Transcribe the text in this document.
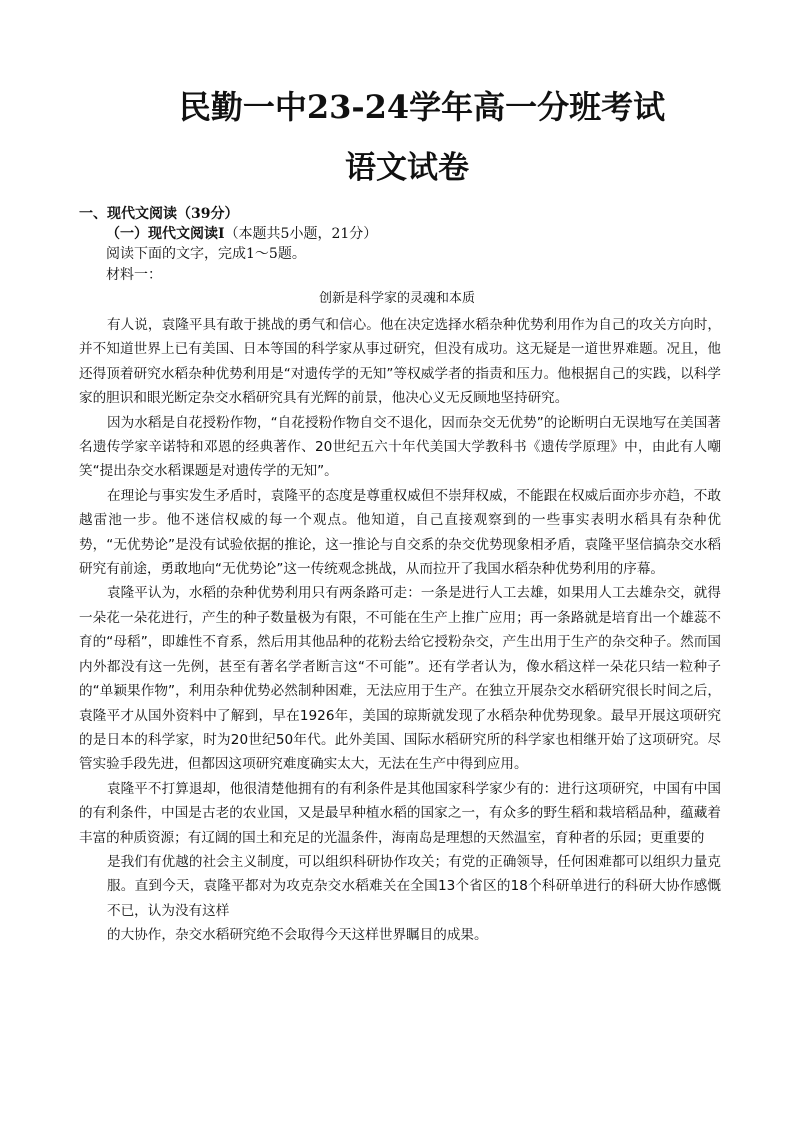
民勤一中23-24学年高一分班考试
语文试卷
一、现代文阅读（39分）
（一）现代文阅读Ⅰ（本题共5小题，21分）
阅读下面的文字，完成1～5题。
材料一：
创新是科学家的灵魂和本质

有人说，袁隆平具有敢于挑战的勇气和信心。他在决定选择水稻杂种优势利用作为自己的攻关方向时，并不知道世界上已有美国、日本等国的科学家从事过研究，但没有成功。这无疑是一道世界难题。况且，他还得顶着研究水稻杂种优势利用是“对遗传学的无知”等权威学者的指责和压力。他根据自己的实践，以科学家的胆识和眼光断定杂交水稻研究具有光辉的前景，他决心义无反顾地坚持研究。

因为水稻是自花授粉作物，“自花授粉作物自交不退化，因而杂交无优势”的论断明白无误地写在美国著名遗传学家辛诺特和邓恩的经典著作、20世纪五六十年代美国大学教科书《遗传学原理》中，由此有人嘲笑“提出杂交水稻课题是对遗传学的无知”。

在理论与事实发生矛盾时，袁隆平的态度是尊重权威但不崇拜权威，不能跟在权威后面亦步亦趋，不敢越雷池一步。他不迷信权威的每一个观点。他知道，自己直接观察到的一些事实表明水稻具有杂种优势，“无优势论”是没有试验依据的推论，这一推论与自交系的杂交优势现象相矛盾，袁隆平坚信搞杂交水稻研究有前途，勇敢地向“无优势论”这一传统观念挑战，从而拉开了我国水稻杂种优势利用的序幕。

袁隆平认为，水稻的杂种优势利用只有两条路可走：一条是进行人工去雄，如果用人工去雄杂交，就得一朵花一朵花进行，产生的种子数量极为有限，不可能在生产上推广应用；再一条路就是培育出一个雄蕊不育的“母稻”，即雄性不育系，然后用其他品种的花粉去给它授粉杂交，产生出用于生产的杂交种子。然而国内外都没有这一先例，甚至有著名学者断言这“不可能”。还有学者认为，像水稻这样一朵花只结一粒种子的“单颖果作物”，利用杂种优势必然制种困难，无法应用于生产。在独立开展杂交水稻研究很长时间之后，袁隆平才从国外资料中了解到，早在1926年，美国的琼斯就发现了水稻杂种优势现象。最早开展这项研究的是日本的科学家，时为20世纪50年代。此外美国、国际水稻研究所的科学家也相继开始了这项研究。尽管实验手段先进，但都因这项研究难度确实太大，无法在生产中得到应用。

袁隆平不打算退却，他很清楚他拥有的有利条件是其他国家科学家少有的：进行这项研究，中国有中国的有利条件，中国是古老的农业国，又是最早种植水稻的国家之一，有众多的野生稻和栽培稻品种，蕴藏着丰富的种质资源；有辽阔的国土和充足的光温条件，海南岛是理想的天然温室，育种者的乐园；更重要的

是我们有优越的社会主义制度，可以组织科研协作攻关；有党的正确领导，任何困难都可以组织力量克服。直到今天，袁隆平都对为攻克杂交水稻难关在全国13个省区的18个科研单进行的科研大协作感慨不已，认为没有这样

的大协作，杂交水稻研究绝不会取得今天这样世界瞩目的成果。
